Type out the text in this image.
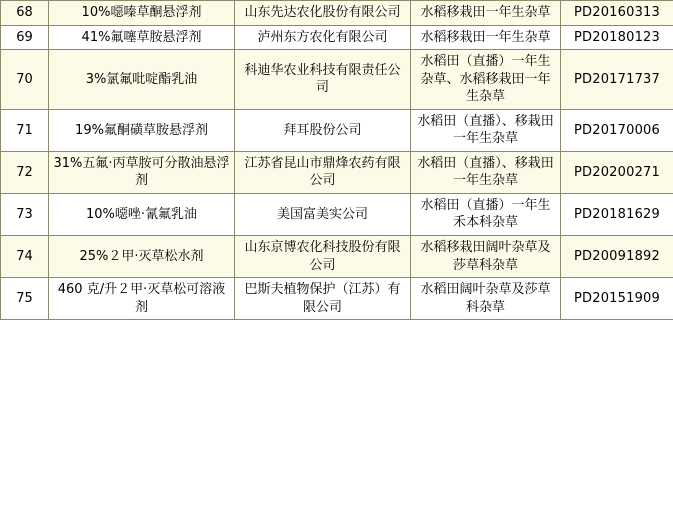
68	10%噁嗪草酮悬浮剂	山东先达农化股份有限公司	水稻移栽田一年生杂草	PD20160313
69	41%氟噻草胺悬浮剂	泸州东方农化有限公司	水稻移栽田一年生杂草	PD20180123
70	3%氯氟吡啶酯乳油	科迪华农业科技有限责任公司	水稻田（直播）一年生杂草、水稻移栽田一年生杂草	PD20171737
71	19%氟酮磺草胺悬浮剂	拜耳股份公司	水稻田（直播）、移栽田一年生杂草	PD20170006
72	31%五氟·丙草胺可分散油悬浮剂	江苏省昆山市鼎烽农药有限公司	水稻田（直播）、移栽田一年生杂草	PD20200271
73	10%噁唑·氰氟乳油	美国富美实公司	水稻田（直播）一年生禾本科杂草	PD20181629
74	25%２甲·灭草松水剂	山东京博农化科技股份有限公司	水稻移栽田阔叶杂草及莎草科杂草	PD20091892
75	460 克/升２甲·灭草松可溶液剂	巴斯夫植物保护（江苏）有限公司	水稻田阔叶杂草及莎草科杂草	PD20151909
